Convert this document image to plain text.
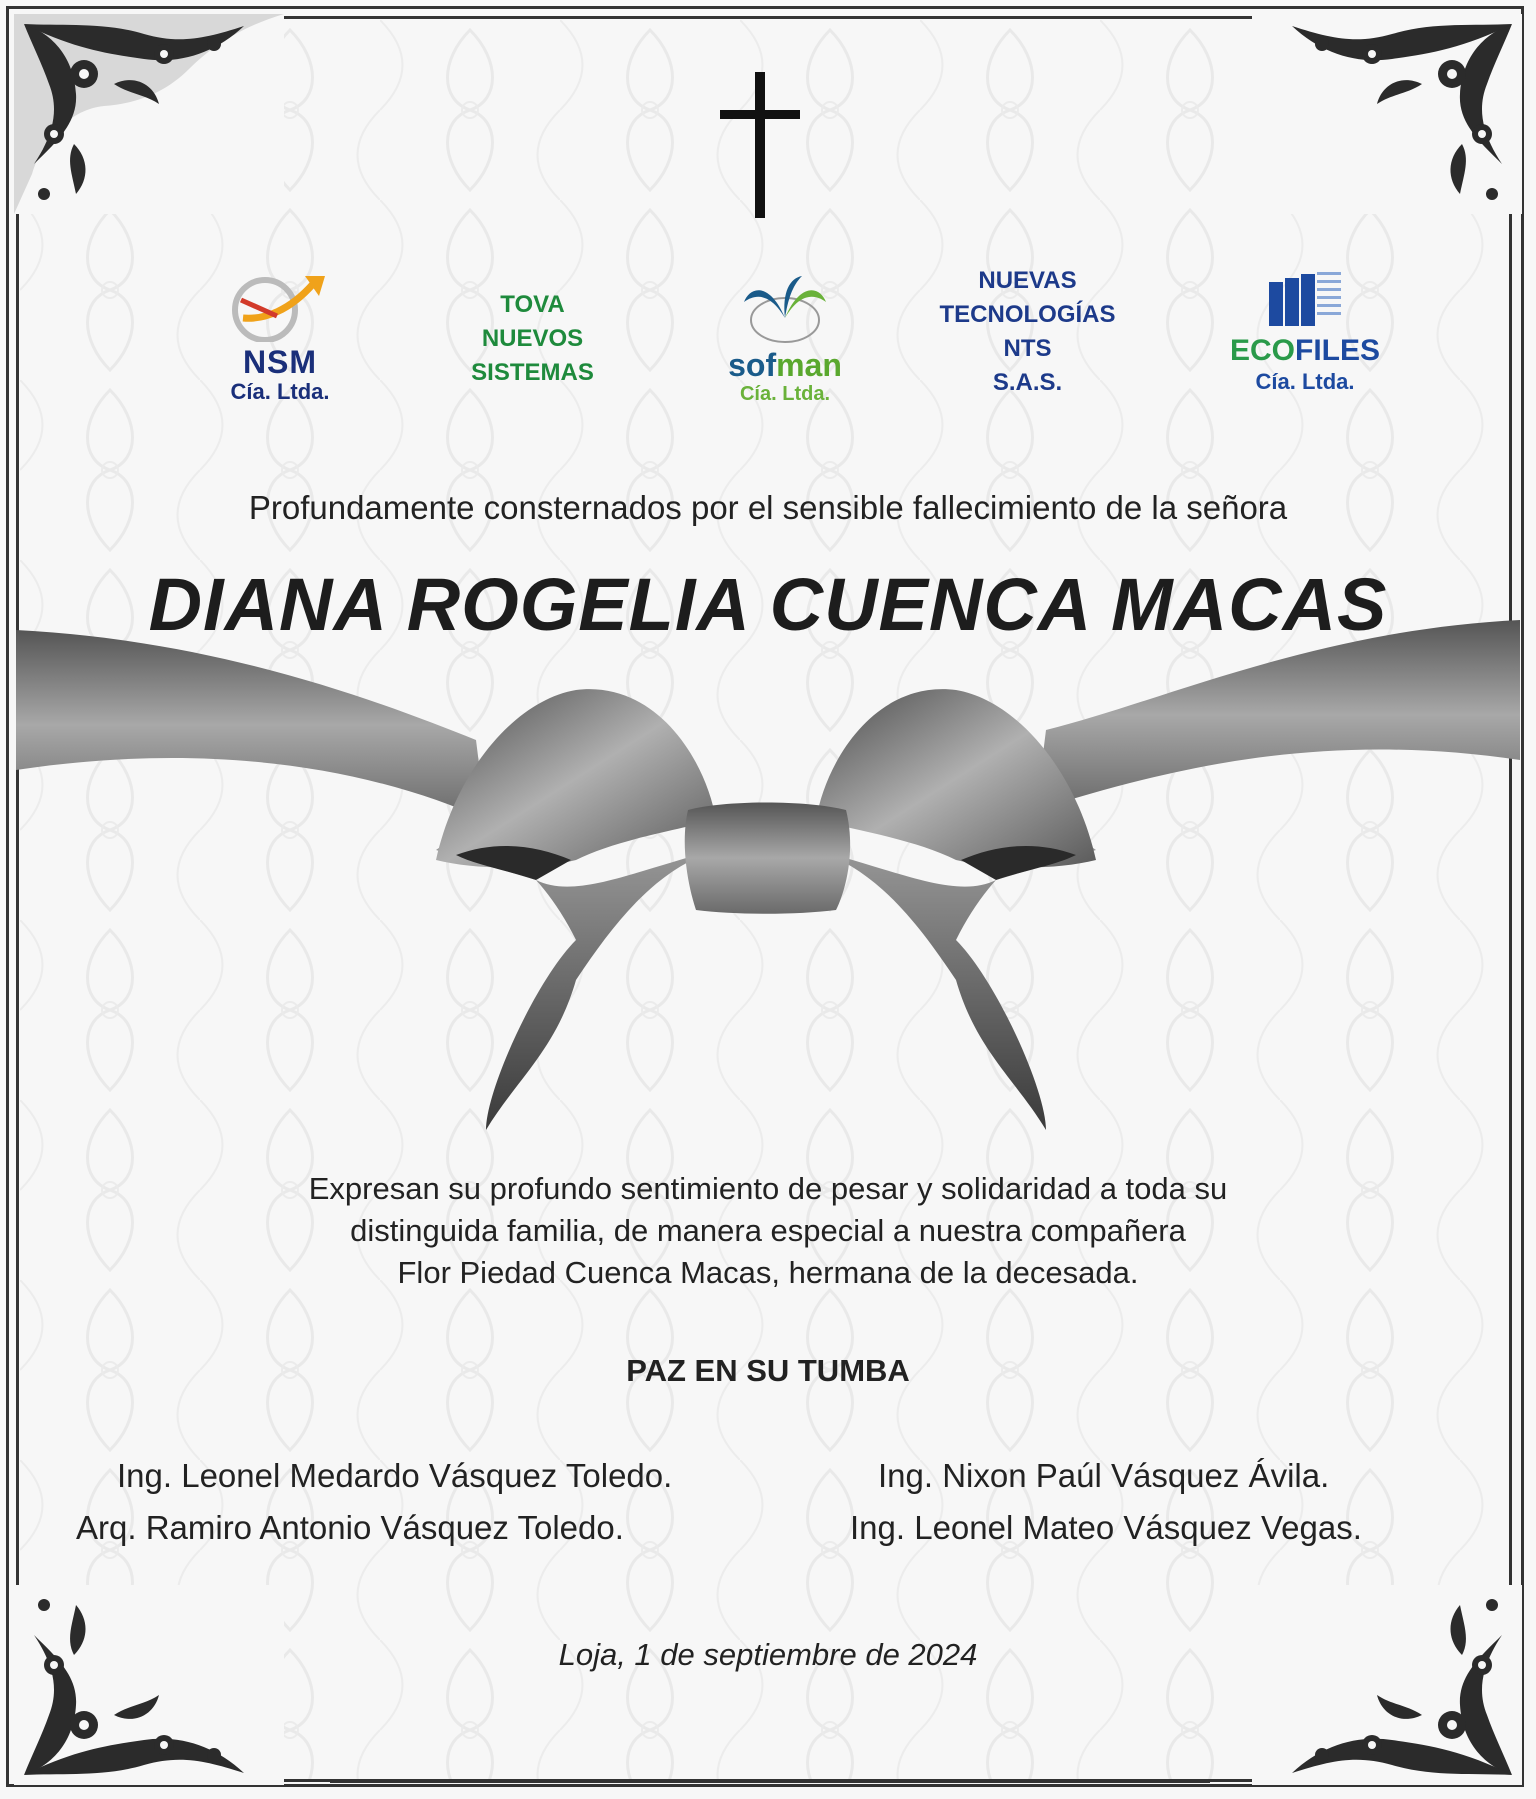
NSM
Cía. Ltda.
TOVA
NUEVOS
SISTEMAS	sofman
Cía. Ltda.
NUEVAS
TECNOLOGÍAS
NTS
S.A.S.
ECOFILES
Cía. Ltda.
Profundamente consternados por el sensible fallecimiento de la señora
DIANA ROGELIA CUENCA MACAS

Expresan su profundo sentimiento de pesar y solidaridad a toda su

distinguida familia, de manera especial a nuestra compañera

Flor Piedad Cuenca Macas, hermana de la decesada.

PAZ EN SU TUMBA
Ing. Leonel Medardo Vásquez Toledo.
Arq. Ramiro Antonio Vásquez Toledo.
Ing. Nixon Paúl Vásquez Ávila.
Ing. Leonel Mateo Vásquez Vegas.
Loja, 1 de septiembre de 2024
